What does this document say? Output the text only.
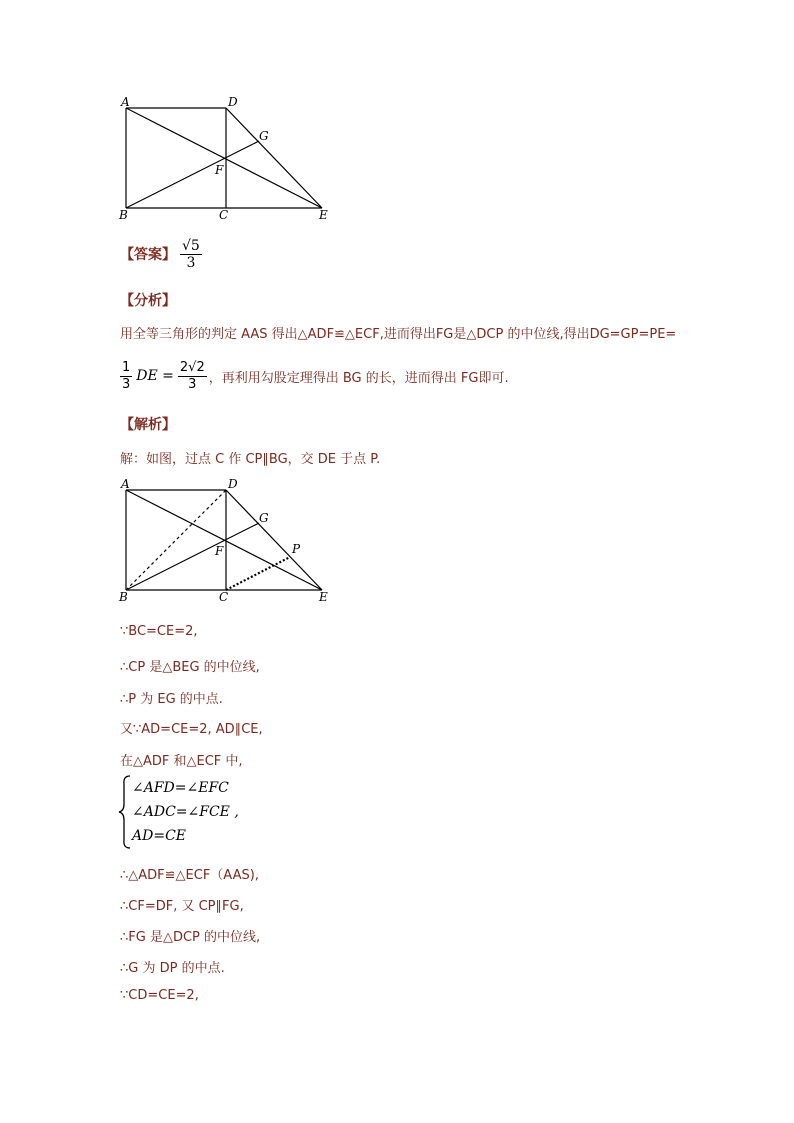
A	D
G
F
B	C	E
【答案】 $\frac{√5}{3}$
【分析】
用全等三角形的判定 AAS 得出△ADF≌△ECF,进而得出FG是△DCP 的中位线,得出DG=GP=PE=
$\frac{1}{3}$ DE = $\frac{2√2}{3}$ ，再利用勾股定理得出 BG 的长，进而得出 FG即可.
【解析】
解：如图，过点 C 作 CP∥BG，交 DE 于点 P.
A	D
G
P
F
B	C	E
∵BC=CE=2,
∴CP 是△BEG 的中位线,
∴P 为 EG 的中点.
又∵AD=CE=2, AD∥CE,
在△ADF 和△ECF 中,
∠AFD=∠EFC
∠ADC=∠FCE ,
AD=CE
∴△ADF≌△ECF（AAS),
∴CF=DF, 又 CP∥FG,
∴FG 是△DCP 的中位线,
∴G 为 DP 的中点.
∵CD=CE=2,
